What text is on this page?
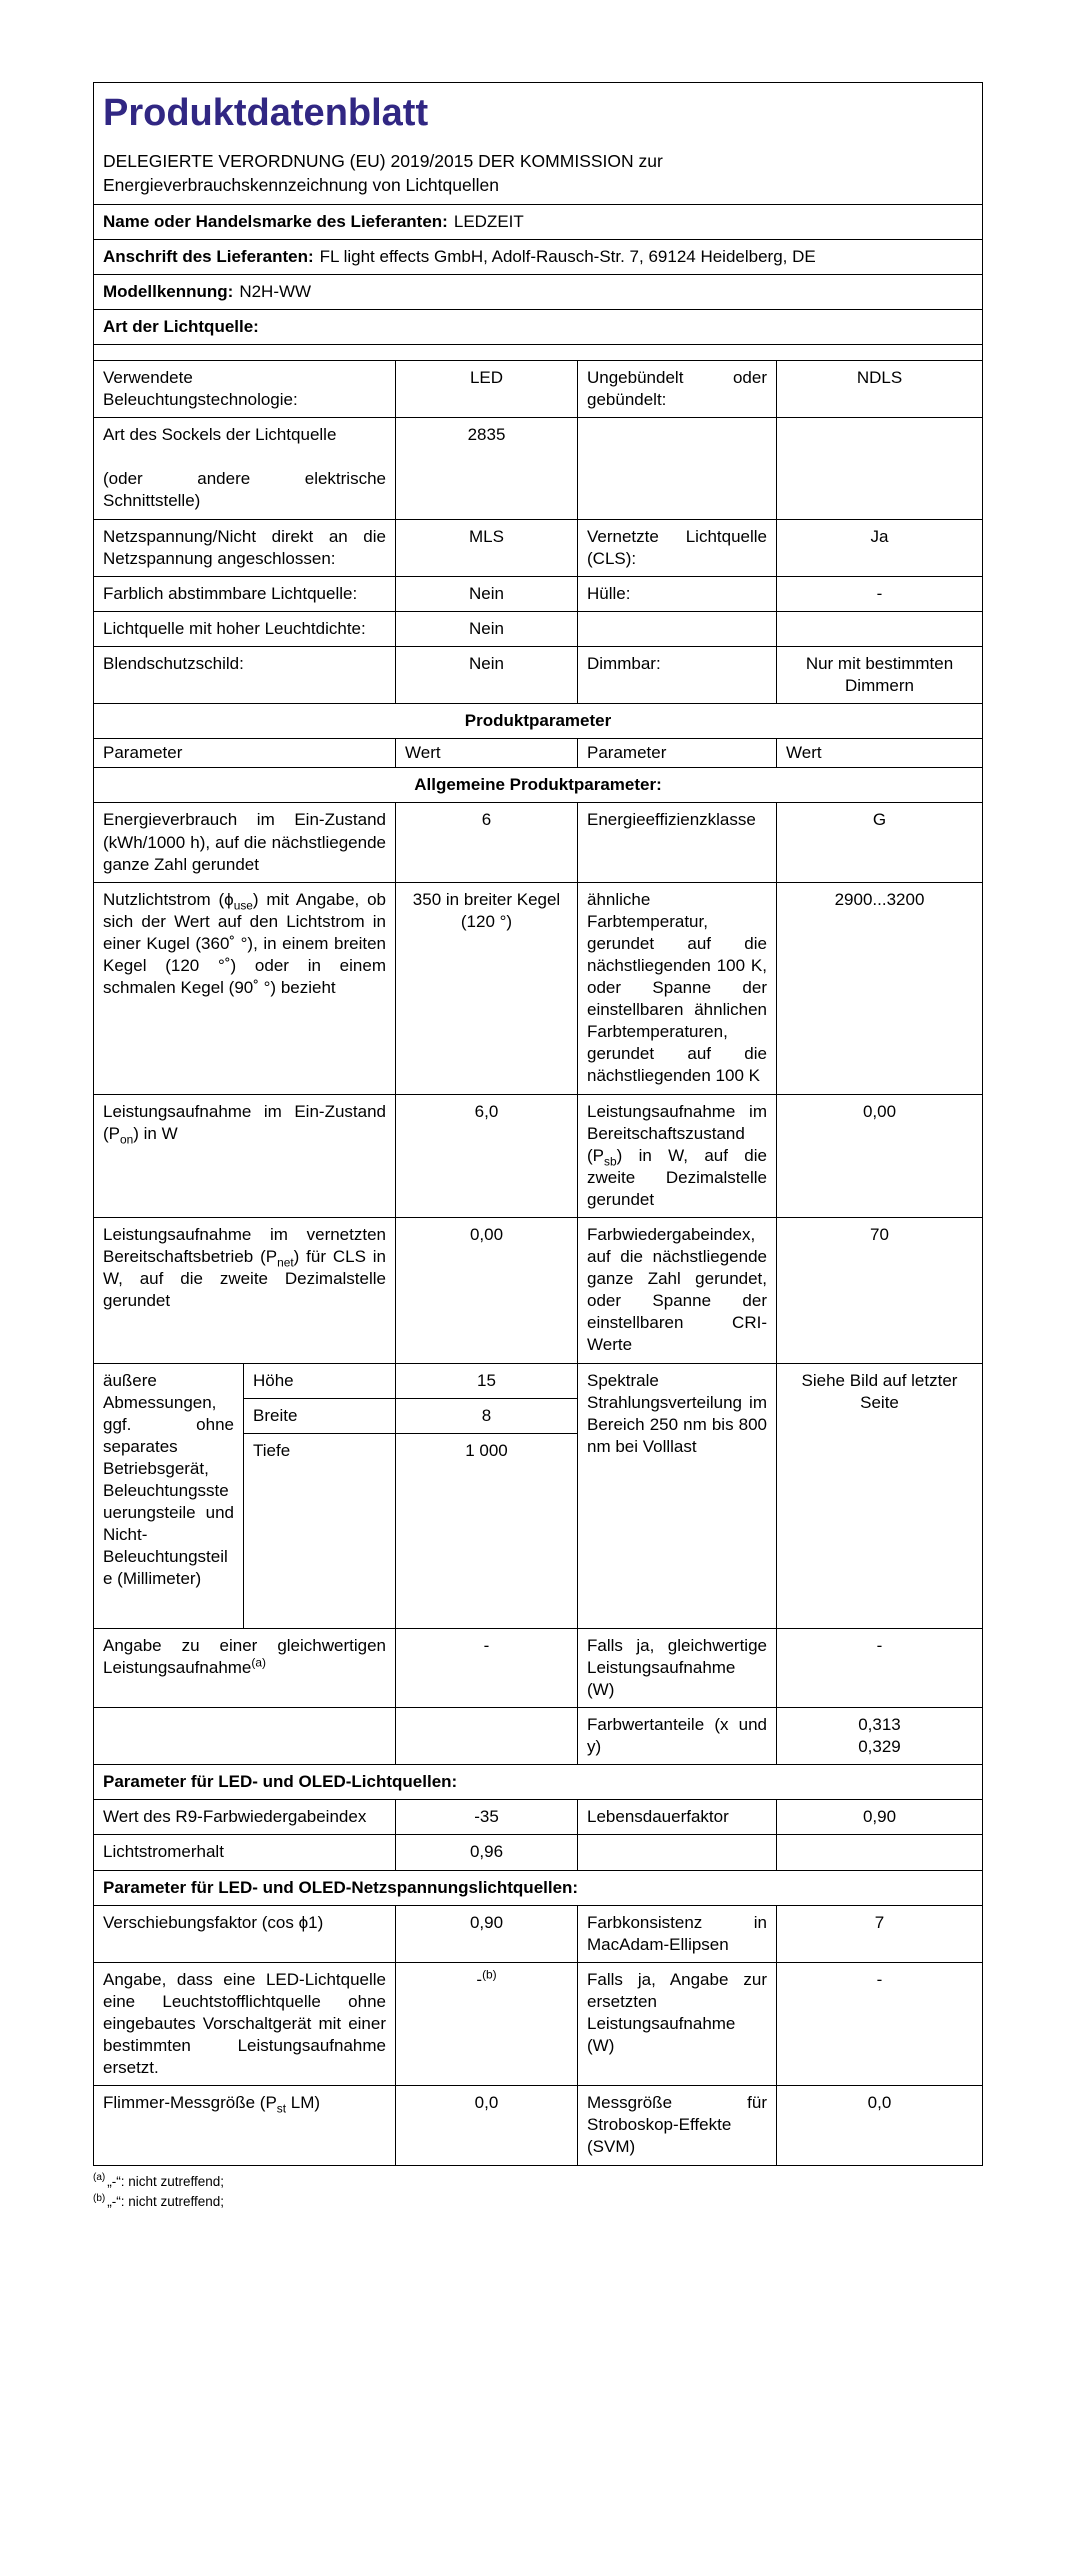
Produktdatenblatt
DELEGIERTE VERORDNUNG (EU) 2019/2015 DER KOMMISSION zur
Energieverbrauchskennzeichnung von Lichtquellen

Name oder Handelsmarke des Lieferanten: LEDZEIT				
Anschrift des Lieferanten: FL light effects GmbH, Adolf-Rausch-Str. 7, 69124 Heidelberg, DE				
Modellkennung: N2H-WW				
Art der Lichtquelle:				

Verwendete Beleuchtungstechnologie:		LED	Ungebündelt oder gebündelt:	NDLS
Art des Sockels der Lichtquelle

(oder andere elektrische Schnittstelle)		2835		
Netzspannung/Nicht direkt an die Netzspannung angeschlossen:		MLS	Vernetzte Lichtquelle (CLS):	Ja
Farblich abstimmbare Lichtquelle:		Nein	Hülle:	-
Lichtquelle mit hoher Leuchtdichte:		Nein		
Blendschutzschild:		Nein	Dimmbar:	Nur mit bestimmten Dimmern
Produktparameter				
Parameter		Wert	Parameter	Wert
Allgemeine Produktparameter:				
Energieverbrauch im Ein-Zustand (kWh/1000 h), auf die nächstliegende ganze Zahl gerundet		6	Energieeffizienzklasse	G
Nutzlichtstrom $(\phi_{use})$ mit Angabe, ob sich der Wert auf den Lichtstrom in einer Kugel (360˚ °), in einem breiten Kegel (120 °˚) oder in einem schmalen Kegel (90˚ °) bezieht		350 in breiter Kegel (120 °)	ähnliche Farbtemperatur, gerundet auf die nächstliegenden 100 K, oder Spanne der einstellbaren ähnlichen Farbtemperaturen, gerundet auf die nächstliegenden 100 K	2900...3200
Leistungsaufnahme im Ein-Zustand $(P_{on})$ in W		6,0	Leistungsaufnahme im Bereitschaftszustand $(P_{sb})$ in W, auf die zweite Dezimalstelle gerundet	0,00
Leistungsaufnahme im vernetzten Bereitschaftsbetrieb $(P_{net})$ für CLS in W, auf die zweite Dezimalstelle gerundet		0,00	Farbwiedergabeindex, auf die nächstliegende ganze Zahl gerundet, oder Spanne der einstellbaren CRI-Werte	70
äußere Abmessungen, ggf. ohne separates Betriebsgerät, Beleuchtungssteuerungsteile und Nicht-Beleuchtungsteile (Millimeter)	Höhe	15	Spektrale Strahlungsverteilung im Bereich 250 nm bis 800 nm bei Volllast	Siehe Bild auf letzter Seite
	Breite	8		
	Tiefe	1 000		
Angabe zu einer gleichwertigen Leistungsaufnahme$^{(a)}$		-	Falls ja, gleichwertige Leistungsaufnahme (W)	-
			Farbwertanteile (x und y)	0,313
0,329
Parameter für LED- und OLED-Lichtquellen:				
Wert des R9-Farbwiedergabeindex		-35	Lebensdauerfaktor	0,90
Lichtstromerhalt		0,96		
Parameter für LED- und OLED-Netzspannungslichtquellen:				
Verschiebungsfaktor (cos ϕ1)		0,90	Farbkonsistenz in MacAdam-Ellipsen	7
Angabe, dass eine LED-Lichtquelle eine Leuchtstofflichtquelle ohne eingebautes Vorschaltgerät mit einer bestimmten Leistungsaufnahme ersetzt.		-$^{(b)}$	Falls ja, Angabe zur ersetzten Leistungsaufnahme (W)	-
Flimmer-Messgröße ($P_{st}$ LM)		0,0	Messgröße für Stroboskop-Effekte (SVM)	0,0
$^{(a)}$ „-“: nicht zutreffend;
$^{(b)}$ „-“: nicht zutreffend;
